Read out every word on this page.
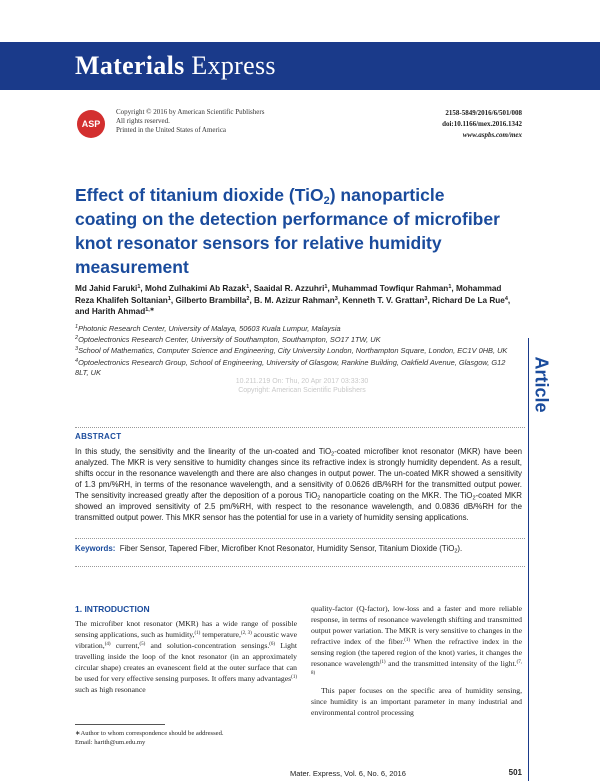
Materials Express
ASP
Copyright © 2016 by American Scientific Publishers
All rights reserved.
Printed in the United States of America
2158-5849/2016/6/501/008
doi:10.1166/mex.2016.1342
www.aspbs.com/mex
Effect of titanium dioxide (TiO$_2$) nanoparticle coating on the detection performance of microfiber knot resonator sensors for relative humidity measurement
Md Jahid Faruki$^1$, Mohd Zulhakimi Ab Razak$^1$, Saaidal R. Azzuhri$^1$, Muhammad Towfiqur Rahman$^1$, Mohammad Reza Khalifeh Soltanian$^1$, Gilberto Brambilla$^2$, B. M. Azizur Rahman$^3$, Kenneth T. V. Grattan$^3$, Richard De La Rue$^4$, and Harith Ahmad$^{1,∗}$
$^1$Photonic Research Center, University of Malaya, 50603 Kuala Lumpur, Malaysia
$^2$Optoelectronics Research Center, University of Southampton, Southampton, SO17 1TW, UK
$^3$School of Mathematics, Computer Science and Engineering, City University London, Northampton Square, London, EC1V 0HB, UK
$^4$Optoelectronics Research Group, School of Engineering, University of Glasgow, Rankine Building, Oakfield Avenue, Glasgow, G12 8LT, UK
10.211.219 On: Thu, 20 Apr 2017 03:33:30
Copyright: American Scientific Publishers	Article
ABSTRACT
In this study, the sensitivity and the linearity of the un-coated and TiO$_2$-coated microfiber knot resonator (MKR) have been analyzed. The MKR is very sensitive to humidity changes since its refractive index is strongly humidity dependent. As a result, shifts occur in the resonance wavelength and there are also changes in output power. The un-coated MKR showed a sensitivity of 1.3 pm/%RH, in terms of the resonance wavelength, and a sensitivity of 0.0626 dB/%RH for the transmitted output power. The sensitivity increased greatly after the deposition of a porous TiO$_2$ nanoparticle coating on the MKR. The TiO$_2$-coated MKR showed an improved sensitivity of 2.5 pm/%RH, with respect to the resonance wavelength, and 0.0836 dB/%RH for the transmitted output power. This MKR sensor has the potential for use in a variety of humidity sensing applications.
Keywords: Fiber Sensor, Tapered Fiber, Microfiber Knot Resonator, Humidity Sensor, Titanium Dioxide (TiO$_2$).
1. INTRODUCTION
The microfiber knot resonator (MKR) has a wide range of possible sensing applications, such as humidity,$^{(1)}$ temperature,$^{(2, 3)}$ acoustic wave vibration,$^{(4)}$ current,$^{(5)}$ and solution-concentration sensings.$^{(6)}$ Light travelling inside the loop of the knot resonator (in an approximately circular shape) creates an evanescent field at the outer surface that can be used for very effective sensing purposes. It offers many advantages$^{(1)}$ such as high resonance

quality-factor (Q-factor), low-loss and a faster and more reliable response, in terms of resonance wavelength shifting and transmitted output power variation. The MKR is very sensitive to changes in the refractive index of the fiber.$^{(1)}$ When the refractive index in the sensing region (the tapered region of the knot) varies, it changes the resonance wavelength$^{(1)}$ and the transmitted intensity of the light.$^{(7, 8)}$

This paper focuses on the specific area of humidity sensing, since humidity is an important parameter in many industrial and environmental control processing

∗Author to whom correspondence should be addressed.
Email: harith@um.edu.my
Mater. Express, Vol. 6, No. 6, 2016	501
